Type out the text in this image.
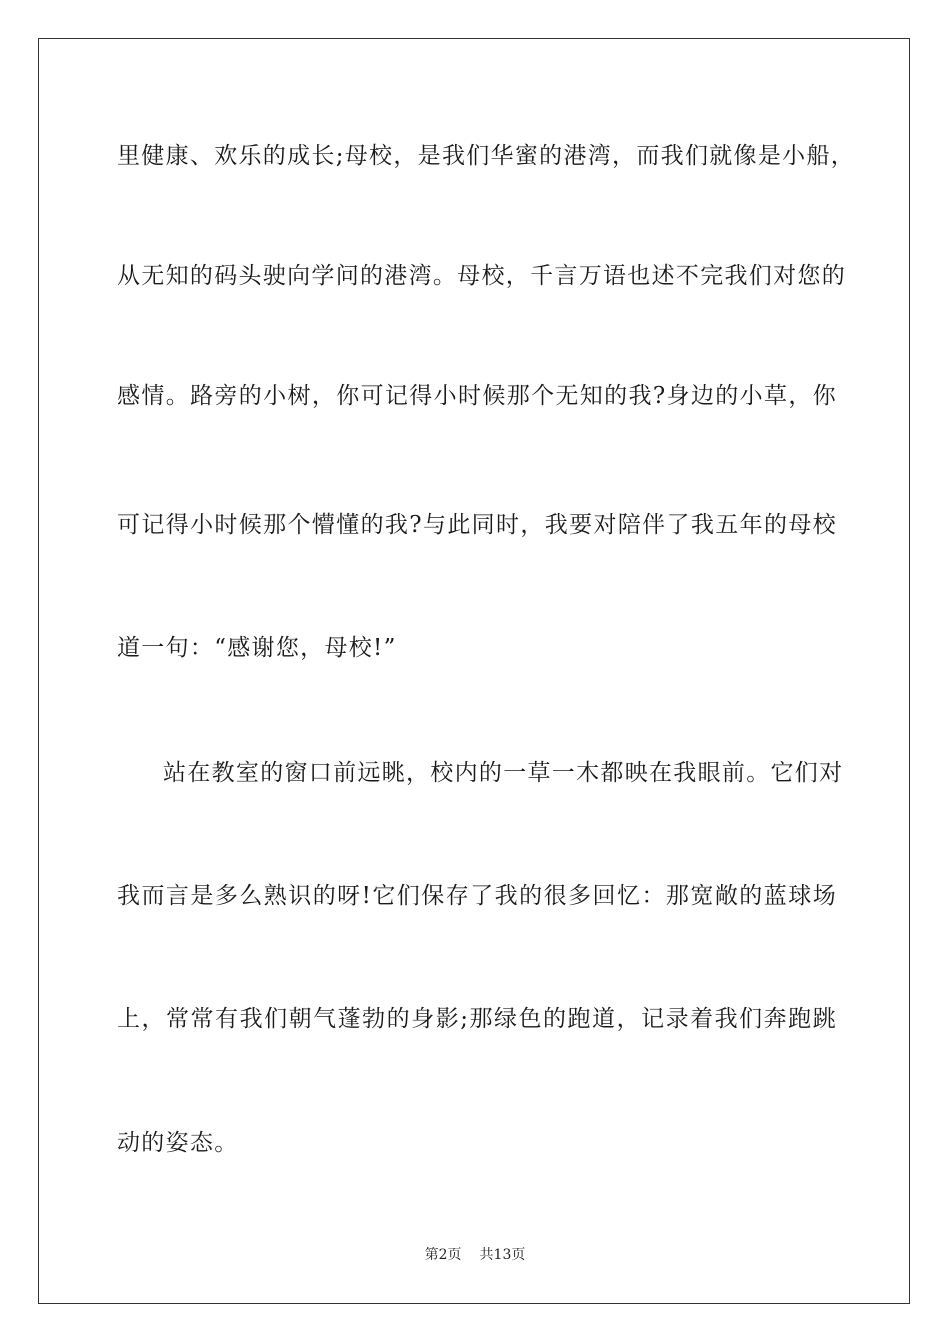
里健康、欢乐的成长;母校，是我们华蜜的港湾，而我们就像是小船，
从无知的码头驶向学问的港湾。母校，千言万语也述不完我们对您的
感情。路旁的小树，你可记得小时候那个无知的我?身边的小草，你
可记得小时候那个懵懂的我?与此同时，我要对陪伴了我五年的母校
道一句：“感谢您，母校!”
站在教室的窗口前远眺，校内的一草一木都映在我眼前。它们对
我而言是多么熟识的呀!它们保存了我的很多回忆：那宽敞的蓝球场
上，常常有我们朝气蓬勃的身影;那绿色的跑道，记录着我们奔跑跳
动的姿态。
第2页 共13页
